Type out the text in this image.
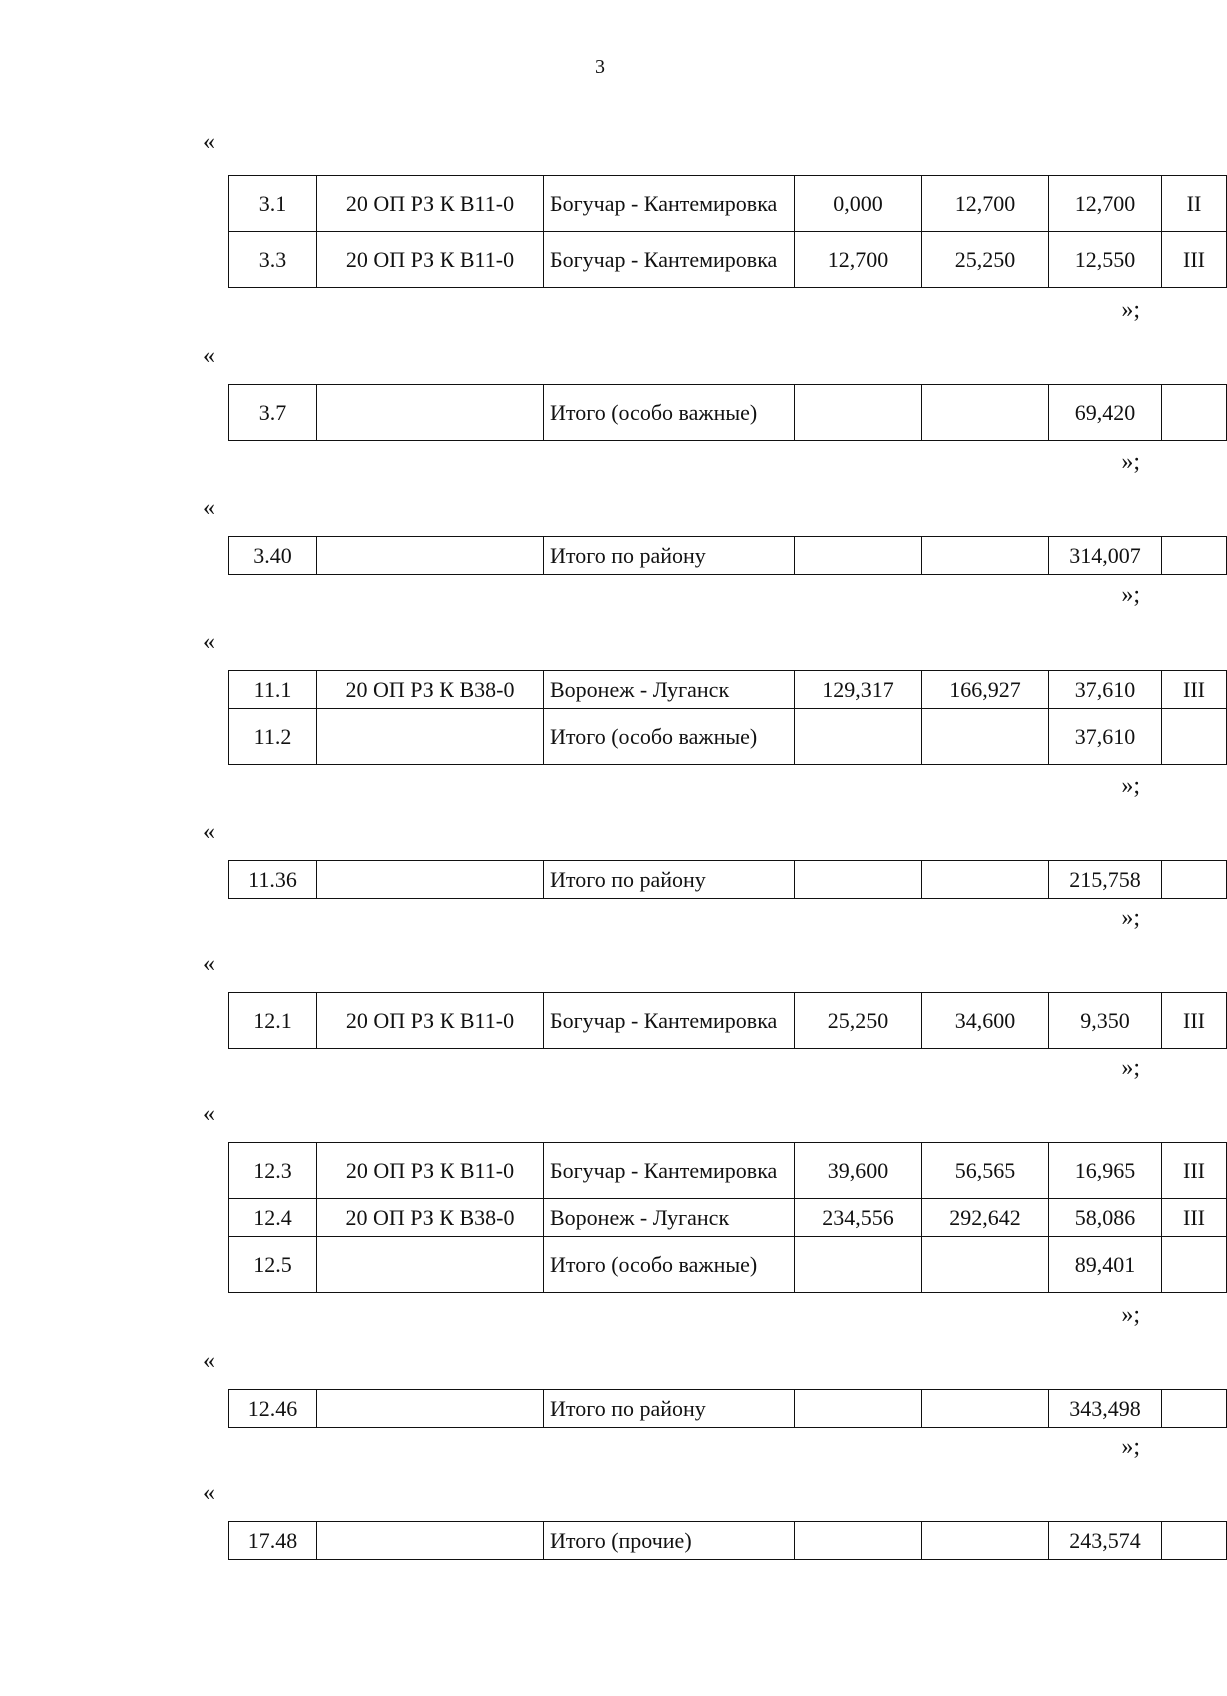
3
«
3.1	20 ОП РЗ К В11-0	Богучар - Кантемировка	0,000	12,700	12,700	II
3.3	20 ОП РЗ К В11-0	Богучар - Кантемировка	12,700	25,250	12,550	III
»;
«
3.7		Итого (особо важные)			69,420	
»;
«
3.40		Итого по району			314,007	
»;
«
11.1	20 ОП РЗ К В38-0	Воронеж - Луганск	129,317	166,927	37,610	III
11.2		Итого (особо важные)			37,610	
»;
«
11.36		Итого по району			215,758	
»;
«
12.1	20 ОП РЗ К В11-0	Богучар - Кантемировка	25,250	34,600	9,350	III
»;
«
12.3	20 ОП РЗ К В11-0	Богучар - Кантемировка	39,600	56,565	16,965	III
12.4	20 ОП РЗ К В38-0	Воронеж - Луганск	234,556	292,642	58,086	III
12.5		Итого (особо важные)			89,401	
»;
«
12.46		Итого по району			343,498	
»;
«
17.48		Итого (прочие)			243,574	
